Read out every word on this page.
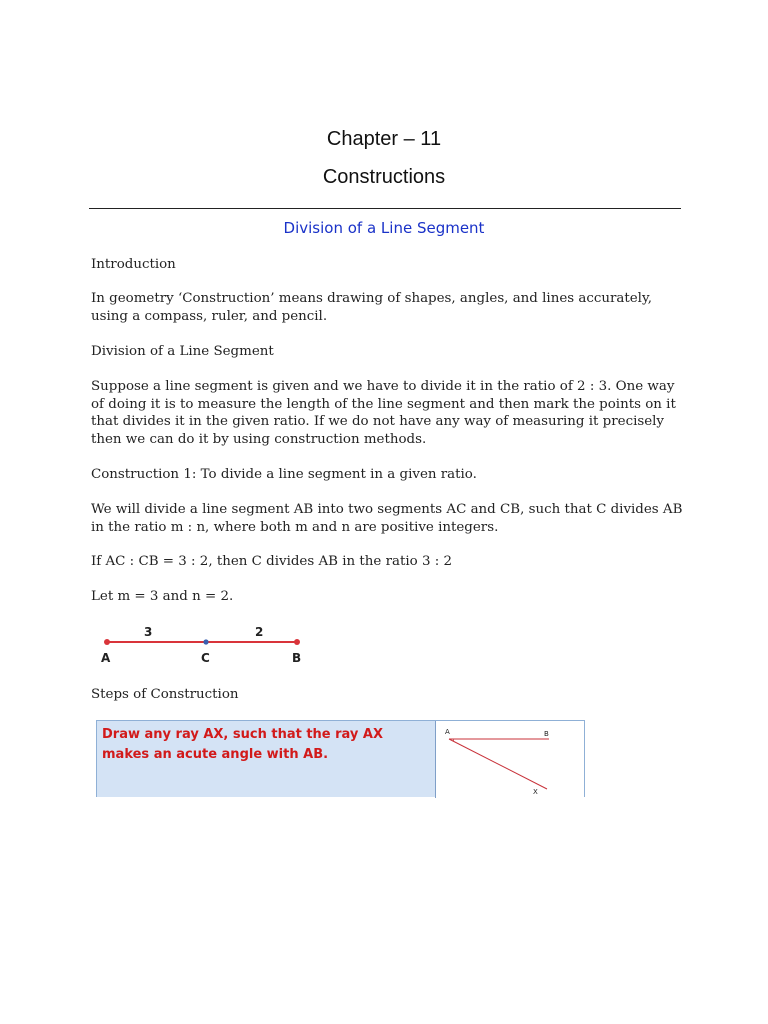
Chapter – 11
Constructions
Division of a Line Segment

Introduction

In geometry ‘Construction’ means drawing of shapes, angles, and lines accurately, using a compass, ruler, and pencil.

Division of a Line Segment

Suppose a line segment is given and we have to divide it in the ratio of 2 : 3. One way of doing it is to measure the length of the line segment and then mark the points on it that divides it in the given ratio. If we do not have any way of measuring it precisely then we can do it by using construction methods.

Construction 1: To divide a line segment in a given ratio.

We will divide a line segment AB into two segments AC and CB, such that C divides AB in the ratio m : n, where both m and n are positive integers.

If AC : CB = 3 : 2, then C divides AB in the ratio 3 : 2

Let m = 3 and n = 2.

3	2
A	C	B

Steps of Construction

Draw any ray AX, such that the ray AX makes an acute angle with AB.
A	B
X
